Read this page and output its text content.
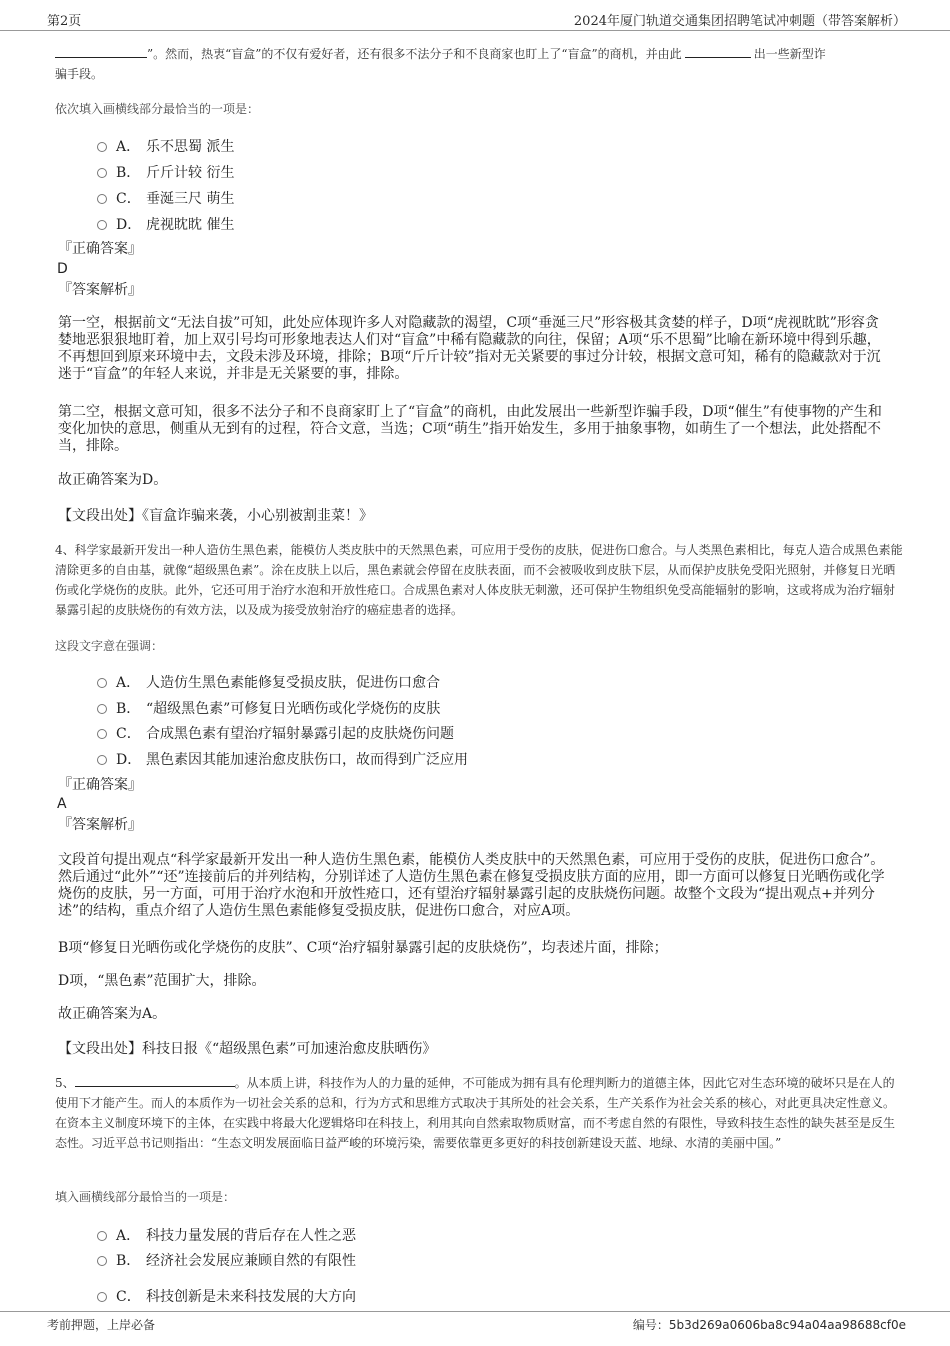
第2页	2024年厦门轨道交通集团招聘笔试冲刺题（带答案解析）

”。然而，热衷“盲盒”的不仅有爱好者，还有很多不法分子和不良商家也盯上了“盲盒”的商机，并由此	出一些新型诈

骗手段。

依次填入画横线部分最恰当的一项是：
A． 乐不思蜀 派生
B． 斤斤计较 衍生
C． 垂涎三尺 萌生
D． 虎视眈眈 催生
『正确答案』
D
『答案解析』
第一空，根据前文“无法自拔”可知，此处应体现许多人对隐藏款的渴望，C项“垂涎三尺”形容极其贪婪的样子，D项“虎视眈眈”形容贪婪地恶狠狠地盯着，加上双引号均可形象地表达人们对“盲盒”中稀有隐藏款的向往，保留；A项“乐不思蜀”比喻在新环境中得到乐趣，不再想回到原来环境中去，文段未涉及环境，排除；B项“斤斤计较”指对无关紧要的事过分计较，根据文意可知，稀有的隐藏款对于沉迷于“盲盒”的年轻人来说，并非是无关紧要的事，排除。
第二空，根据文意可知，很多不法分子和不良商家盯上了“盲盒”的商机，由此发展出一些新型诈骗手段，D项“催生”有使事物的产生和变化加快的意思，侧重从无到有的过程，符合文意，当选；C项“萌生”指开始发生，多用于抽象事物，如萌生了一个想法，此处搭配不当，排除。
故正确答案为D。
【文段出处】《盲盒诈骗来袭，小心别被割韭菜！》
4、科学家最新开发出一种人造仿生黑色素，能模仿人类皮肤中的天然黑色素，可应用于受伤的皮肤，促进伤口愈合。与人类黑色素相比，每克人造合成黑色素能清除更多的自由基，就像“超级黑色素”。涂在皮肤上以后，黑色素就会停留在皮肤表面，而不会被吸收到皮肤下层，从而保护皮肤免受阳光照射，并修复日光晒伤或化学烧伤的皮肤。此外，它还可用于治疗水泡和开放性疮口。合成黑色素对人体皮肤无刺激，还可保护生物组织免受高能辐射的影响，这或将成为治疗辐射暴露引起的皮肤烧伤的有效方法，以及成为接受放射治疗的癌症患者的选择。
这段文字意在强调：
A． 人造仿生黑色素能修复受损皮肤，促进伤口愈合
B． “超级黑色素”可修复日光晒伤或化学烧伤的皮肤
C． 合成黑色素有望治疗辐射暴露引起的皮肤烧伤问题
D． 黑色素因其能加速治愈皮肤伤口，故而得到广泛应用
『正确答案』
A
『答案解析』
文段首句提出观点“科学家最新开发出一种人造仿生黑色素，能模仿人类皮肤中的天然黑色素，可应用于受伤的皮肤，促进伤口愈合”。然后通过“此外”“还”连接前后的并列结构，分别详述了人造仿生黑色素在修复受损皮肤方面的应用，即一方面可以修复日光晒伤或化学烧伤的皮肤，另一方面，可用于治疗水泡和开放性疮口，还有望治疗辐射暴露引起的皮肤烧伤问题。故整个文段为“提出观点+并列分述”的结构，重点介绍了人造仿生黑色素能修复受损皮肤，促进伤口愈合，对应A项。
B项“修复日光晒伤或化学烧伤的皮肤”、C项“治疗辐射暴露引起的皮肤烧伤”，均表述片面，排除；
D项，“黑色素”范围扩大，排除。
故正确答案为A。
【文段出处】科技日报《“超级黑色素”可加速治愈皮肤晒伤》
5、	。从本质上讲，科技作为人的力量的延伸，不可能成为拥有具有伦理判断力的道德主体，因此它对生态环境的破坏只是在人的使用下才能产生。而人的本质作为一切社会关系的总和，行为方式和思维方式取决于其所处的社会关系，生产关系作为社会关系的核心，对此更具决定性意义。在资本主义制度环境下的主体，在实践中将最大化逻辑烙印在科技上，利用其向自然索取物质财富，而不考虑自然的有限性，导致科技生态性的缺失甚至是反生态性。习近平总书记则指出：“生态文明发展面临日益严峻的环境污染，需要依靠更多更好的科技创新建设天蓝、地绿、水清的美丽中国。”
填入画横线部分最恰当的一项是：
A． 科技力量发展的背后存在人性之恶
B． 经济社会发展应兼顾自然的有限性
C． 科技创新是未来科技发展的大方向
考前押题，上岸必备	编号：5b3d269a0606ba8c94a04aa98688cf0e
